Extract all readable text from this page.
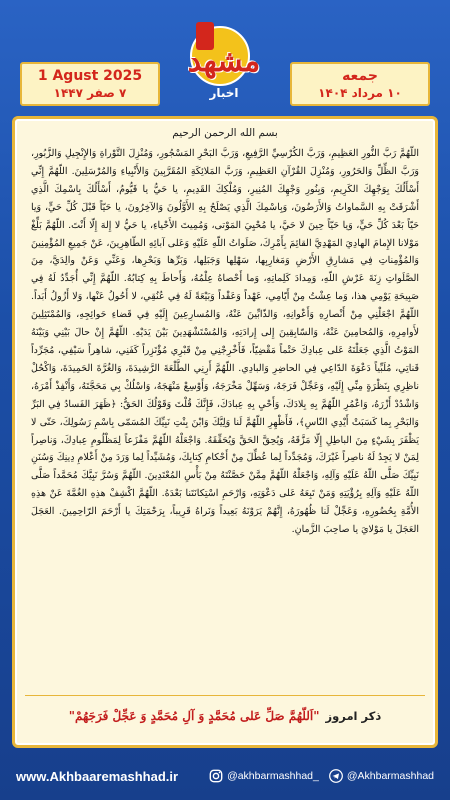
1 Agust 2025
۷ صفر ۱۴۴۷
مشهد
اخبار
جمعه
۱۰ مرداد ۱۴۰۴
بسم الله الرحمن الرحيم
اللّهُمَّ رَبَّ النُّورِ العَظِيمِ، وَرَبَّ الكُرْسِيِّ الرَّفِيعِ، وَرَبَّ البَحْرِ المَسْجُورِ، وَمُنْزِلَ التَّوْراةِ وَالإِنْجِيلِ وَالزَّبُورِ، وَرَبَّ الظِّلِّ وَالحَرُورِ، وَمُنْزِلَ القُرْآنِ العَظِيمِ، وَرَبَّ المَلائِكَةِ المُقَرَّبِينَ وَالأَنْبِياءِ وَالمُرْسَلِينَ. اللّهُمَّ إِنِّي أَسْأَلُكَ بِوَجْهِكَ الكَرِيمِ، وَبِنُورِ وَجْهِكَ المُنِيرِ، وَمُلْكِكَ القَدِيمِ، يا حَيُّ يا قَيُّومُ، أَسْأَلُكَ بِاسْمِكَ الَّذِي أَشْرَقَتْ بِهِ السَّماواتُ وَالأَرَضُونَ، وَبِاسْمِكَ الَّذِي يَصْلَحُ بِهِ الأَوَّلُونَ وَالآخِرُونَ، يا حَيّاً قَبْلَ كُلِّ حَيٍّ، وَيا حَيّاً بَعْدَ كُلِّ حَيٍّ، وَيا حَيّاً حِينَ لا حَيَّ، يا مُحْيِيَ المَوْتى، وَمُمِيتَ الأَحْياءِ، يا حَيُّ لا إِلهَ إِلّا أَنْتَ. اللّهُمَّ بَلِّغْ مَوْلانا الإِمامَ الهادِيَ المَهْدِيَّ القائِمَ بِأَمْرِكَ، صَلَواتُ اللّهِ عَلَيْهِ وَعَلى آبائِهِ الطّاهِرِينَ، عَنْ جَمِيعِ المُؤْمِنِينَ وَالمُؤْمِناتِ فِي مَشارِقِ الأَرْضِ وَمَغارِبِها، سَهْلِها وَجَبَلِها، وَبَرِّها وَبَحْرِها، وَعَنِّي وَعَنْ والِدَيَّ، مِنَ الصَّلَواتِ زِنَةَ عَرْشِ اللّهِ، وَمِدادَ كَلِماتِهِ، وَما أَحْصاهُ عِلْمُهُ، وَأَحاطَ بِهِ كِتابُهُ. اللّهُمَّ إِنِّي أُجَدِّدُ لَهُ فِي صَبِيحَةِ يَوْمِي هذا، وَما عِشْتُ مِنْ أَيّامِي، عَهْداً وَعَقْداً وَبَيْعَةً لَهُ فِي عُنُقِي، لا أَحُولُ عَنْها، وَلا أَزُولُ أَبَداً. اللّهُمَّ اجْعَلْنِي مِنْ أَنْصارِهِ وَأَعْوانِهِ، وَالذّابِّينَ عَنْهُ، وَالمُسارِعِينَ إِلَيْهِ فِي قَضاءِ حَوائِجِهِ، وَالمُمْتَثِلِينَ لأَوامِرِهِ، وَالمُحامِينَ عَنْهُ، وَالسّابِقِينَ إِلى إِرادَتِهِ، وَالمُسْتَشْهَدِينَ بَيْنَ يَدَيْهِ. اللّهُمَّ إِنْ حالَ بَيْنِي وَبَيْنَهُ المَوْتُ الَّذِي جَعَلْتَهُ عَلى عِبادِكَ حَتْماً مَقْضِيّاً، فَأَخْرِجْنِي مِنْ قَبْرِي مُؤْتَزِراً كَفَنِي، شاهِراً سَيْفِي، مُجَرِّداً قَناتِي، مُلَبِّياً دَعْوَةَ الدّاعِي فِي الحاضِرِ وَالبادِي. اللّهُمَّ أَرِنِي الطَّلْعَةَ الرَّشِيدَةَ، وَالغُرَّةَ الحَمِيدَةَ، وَاكْحُلْ ناظِرِي بِنَظْرَةٍ مِنِّي إِلَيْهِ، وَعَجِّلْ فَرَجَهُ، وَسَهِّلْ مَخْرَجَهُ، وَأَوْسِعْ مَنْهَجَهُ، وَاسْلُكْ بِي مَحَجَّتَهُ، وَأَنْفِذْ أَمْرَهُ، وَاشْدُدْ أَزْرَهُ، وَاعْمُرِ اللّهُمَّ بِهِ بِلادَكَ، وَأَحْيِ بِهِ عِبادَكَ، فَإِنَّكَ قُلْتَ وَقَوْلُكَ الحَقُّ: ﴿ظَهَرَ الفَسادُ فِي البَرِّ وَالبَحْرِ بِما كَسَبَتْ أَيْدِي النّاسِ﴾، فَأَظْهِرِ اللّهُمَّ لَنا وَلِيَّكَ وَابْنَ بِنْتِ نَبِيِّكَ المُسَمّى بِاسْمِ رَسُولِكَ، حَتّى لا يَظْفَرَ بِشَيْءٍ مِنَ الباطِلِ إِلّا مَزَّقَهُ، وَيُحِقَّ الحَقَّ وَيُحَقِّقَهُ. وَاجْعَلْهُ اللّهُمَّ مَفْزَعاً لِمَظْلُومِ عِبادِكَ، وَناصِراً لِمَنْ لا يَجِدُ لَهُ ناصِراً غَيْرَكَ، وَمُجَدِّداً لِما عُطِّلَ مِنْ أَحْكامِ كِتابِكَ، وَمُشَيِّداً لِما وَرَدَ مِنْ أَعْلامِ دِينِكَ وَسُنَنِ نَبِيِّكَ صَلَّى اللّهُ عَلَيْهِ وَآلِهِ، وَاجْعَلْهُ اللّهُمَّ مِمَّنْ حَصَّنْتَهُ مِنْ بَأْسِ المُعْتَدِينَ. اللّهُمَّ وَسُرَّ نَبِيَّكَ مُحَمَّداً صَلَّى اللّهُ عَلَيْهِ وَآلِهِ بِرُؤْيَتِهِ وَمَنْ تَبِعَهُ عَلى دَعْوَتِهِ، وَارْحَمِ اسْتِكانَتَنا بَعْدَهُ. اللّهُمَّ اكْشِفْ هذِهِ الغُمَّةَ عَنْ هذِهِ الأُمَّةِ بِحُضُورِهِ، وَعَجِّلْ لَنا ظُهُورَهُ، إِنَّهُمْ يَرَوْنَهُ بَعِيداً وَنَراهُ قَرِيباً، بِرَحْمَتِكَ يا أَرْحَمَ الرّاحِمِينَ. العَجَلَ العَجَلَ يا مَوْلايَ يا صاحِبَ الزَّمانِ.
ذکر امروز
"اَللّهُمَّ صَلِّ عَلی مُحَمَّدٍ وَ آلِ مُحَمَّدٍ وَ عَجِّلْ فَرَجَهُمْ"
www.Akhbaaremashhad.ir	@akhbarmashhad_	@Akhbarmashhad
